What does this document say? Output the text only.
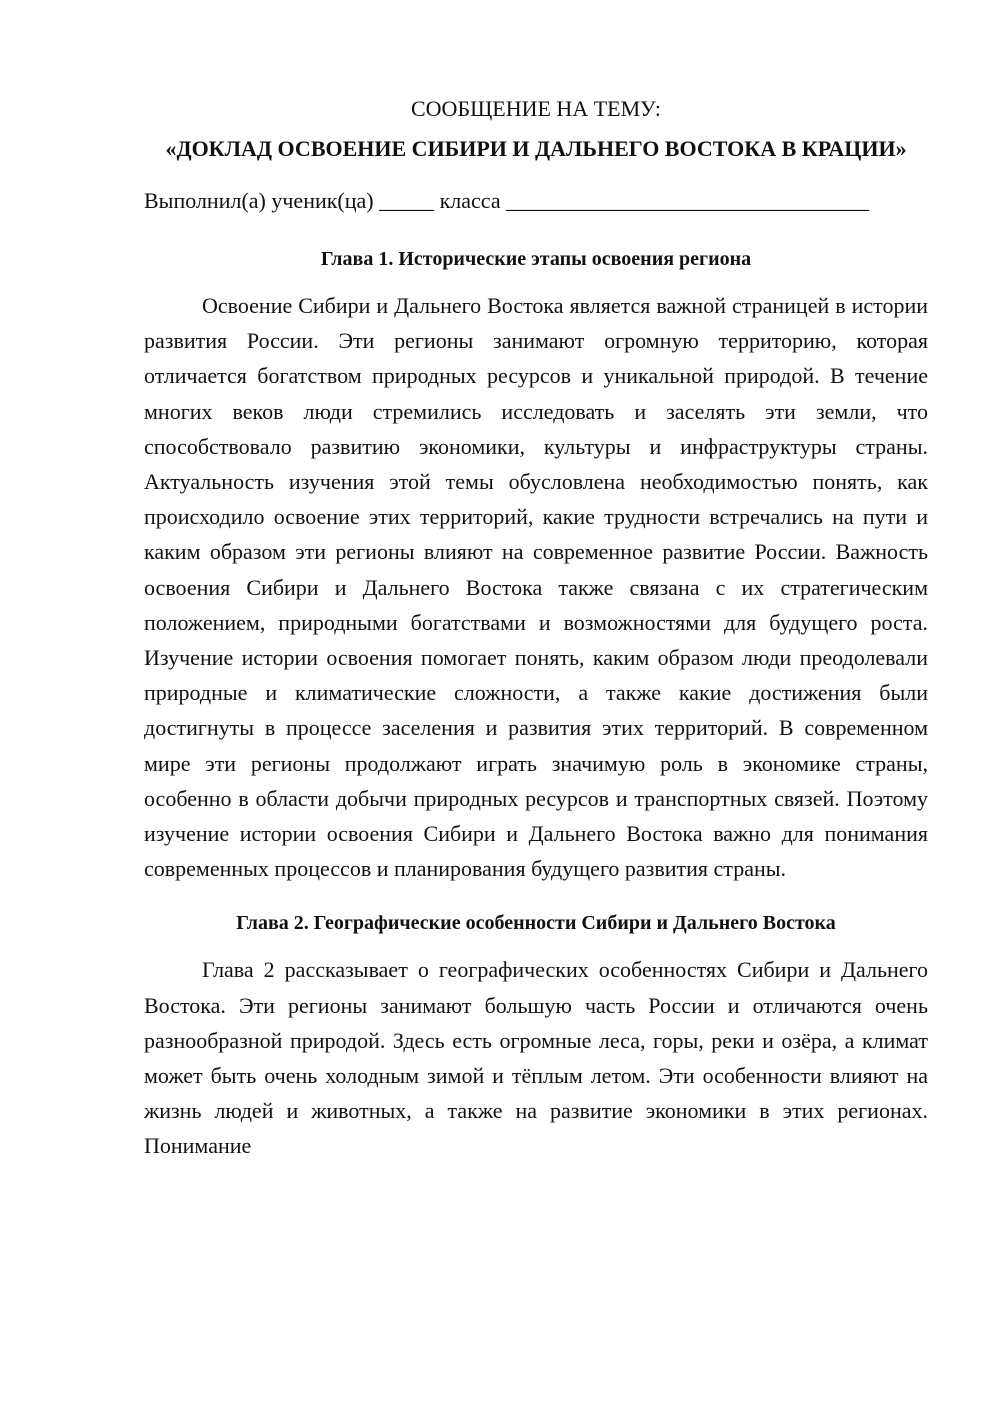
СООБЩЕНИЕ НА ТЕМУ:

«ДОКЛАД ОСВОЕНИЕ СИБИРИ И ДАЛЬНЕГО ВОСТОКА В КРАЦИИ»

Выполнил(а) ученик(ца) _____ класса _________________________________

Глава 1. Исторические этапы освоения региона

Освоение Сибири и Дальнего Востока является важной страницей в истории развития России. Эти регионы занимают огромную территорию, которая отличается богатством природных ресурсов и уникальной природой. В течение многих веков люди стремились исследовать и заселять эти земли, что способствовало развитию экономики, культуры и инфраструктуры страны. Актуальность изучения этой темы обусловлена необходимостью понять, как происходило освоение этих территорий, какие трудности встречались на пути и каким образом эти регионы влияют на современное развитие России. Важность освоения Сибири и Дальнего Востока также связана с их стратегическим положением, природными богатствами и возможностями для будущего роста. Изучение истории освоения помогает понять, каким образом люди преодолевали природные и климатические сложности, а также какие достижения были достигнуты в процессе заселения и развития этих территорий. В современном мире эти регионы продолжают играть значимую роль в экономике страны, особенно в области добычи природных ресурсов и транспортных связей. Поэтому изучение истории освоения Сибири и Дальнего Востока важно для понимания современных процессов и планирования будущего развития страны.

Глава 2. Географические особенности Сибири и Дальнего Востока

Глава 2 рассказывает о географических особенностях Сибири и Дальнего Востока. Эти регионы занимают большую часть России и отличаются очень разнообразной природой. Здесь есть огромные леса, горы, реки и озёра, а климат может быть очень холодным зимой и тёплым летом. Эти особенности влияют на жизнь людей и животных, а также на развитие экономики в этих регионах. Понимание
